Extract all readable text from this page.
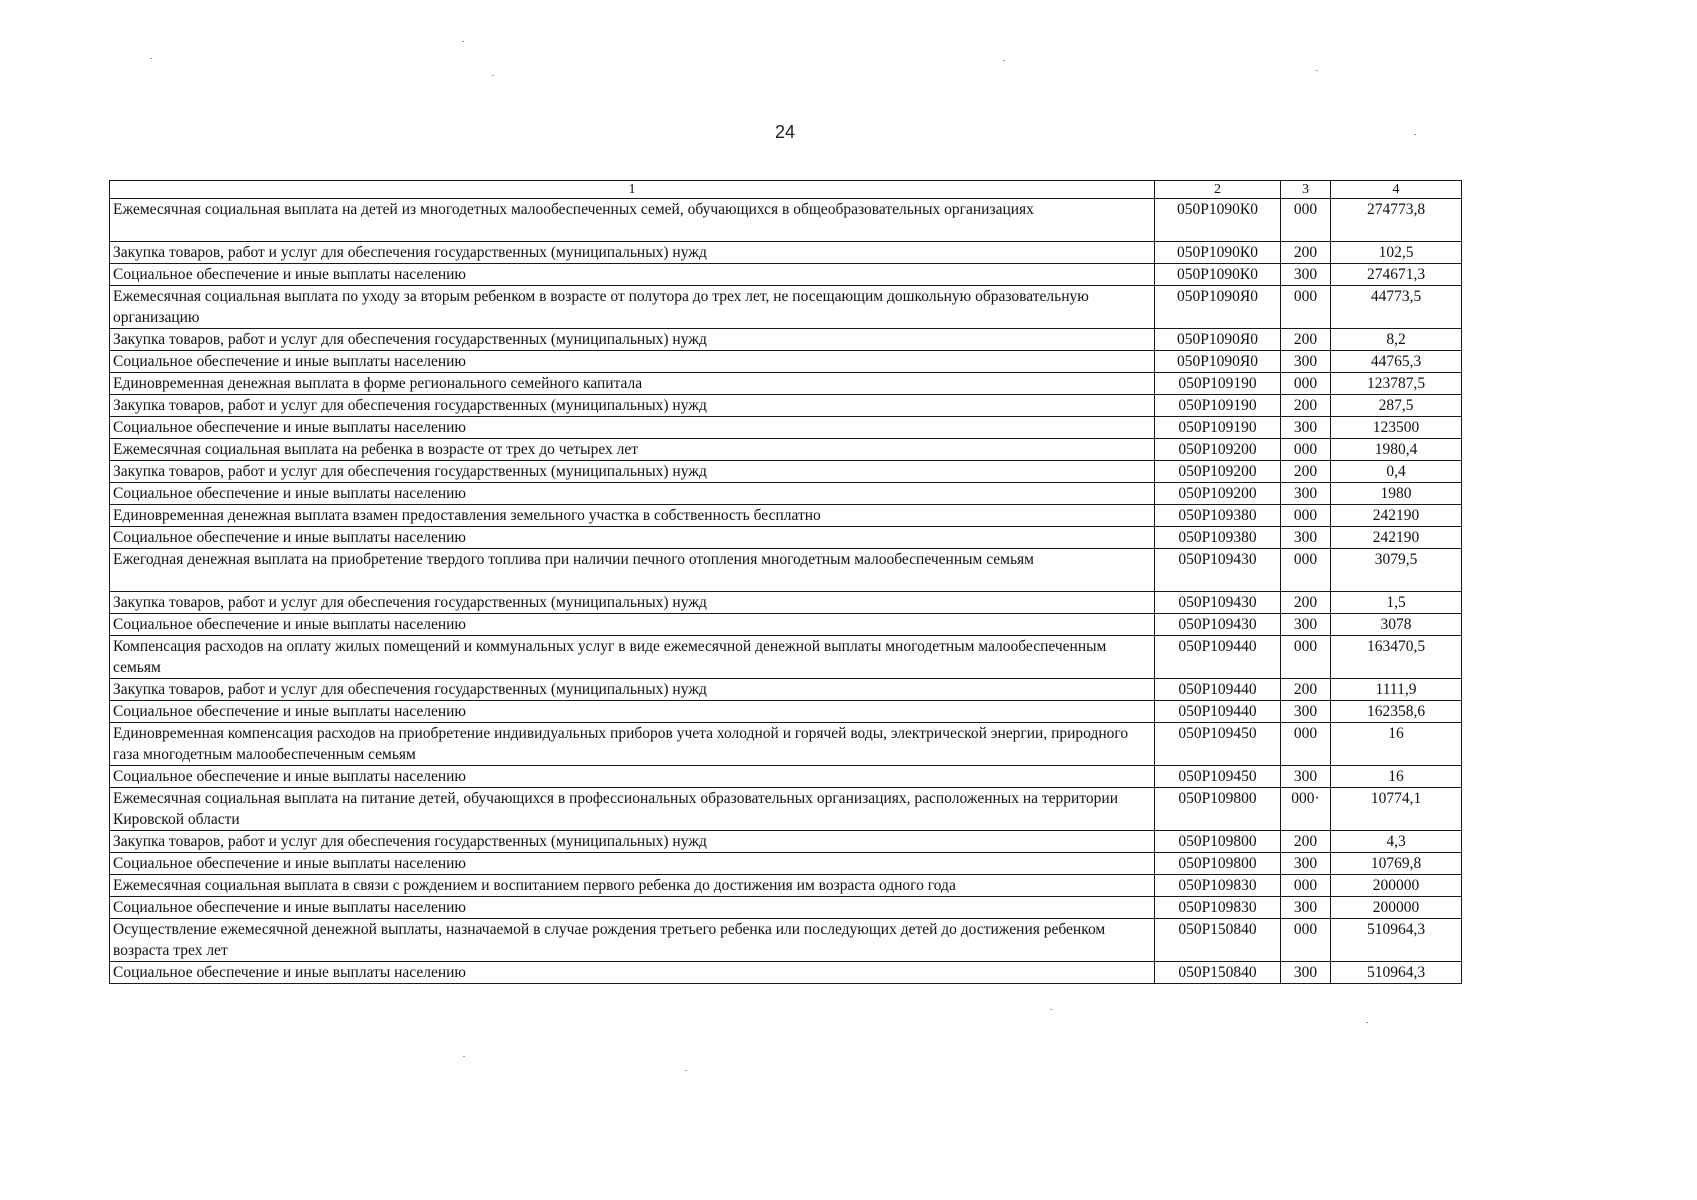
24
1	2	3	4
Ежемесячная социальная выплата на детей из многодетных малообеспеченных семей, обучающихся в общеобразовательных организациях	050Р1090К0	000	274773,8
Закупка товаров, работ и услуг для обеспечения государственных (муниципальных) нужд	050Р1090К0	200	102,5
Социальное обеспечение и иные выплаты населению	050Р1090К0	300	274671,3
Ежемесячная социальная выплата по уходу за вторым ребенком в возрасте от полутора до трех лет, не посещающим дошкольную образовательную организацию	050Р1090Я0	000	44773,5
Закупка товаров, работ и услуг для обеспечения государственных (муниципальных) нужд	050Р1090Я0	200	8,2
Социальное обеспечение и иные выплаты населению	050Р1090Я0	300	44765,3
Единовременная денежная выплата в форме регионального семейного капитала	050Р109190	000	123787,5
Закупка товаров, работ и услуг для обеспечения государственных (муниципальных) нужд	050Р109190	200	287,5
Социальное обеспечение и иные выплаты населению	050Р109190	300	123500
Ежемесячная социальная выплата на ребенка в возрасте от трех до четырех лет	050Р109200	000	1980,4
Закупка товаров, работ и услуг для обеспечения государственных (муниципальных) нужд	050Р109200	200	0,4
Социальное обеспечение и иные выплаты населению	050Р109200	300	1980
Единовременная денежная выплата взамен предоставления земельного участка в собственность бесплатно	050Р109380	000	242190
Социальное обеспечение и иные выплаты населению	050Р109380	300	242190
Ежегодная денежная выплата на приобретение твердого топлива при наличии печного отопления многодетным малообеспеченным семьям	050Р109430	000	3079,5
Закупка товаров, работ и услуг для обеспечения государственных (муниципальных) нужд	050Р109430	200	1,5
Социальное обеспечение и иные выплаты населению	050Р109430	300	3078
Компенсация расходов на оплату жилых помещений и коммунальных услуг в виде ежемесячной денежной выплаты многодетным малообеспеченным семьям	050Р109440	000	163470,5
Закупка товаров, работ и услуг для обеспечения государственных (муниципальных) нужд	050Р109440	200	1111,9
Социальное обеспечение и иные выплаты населению	050Р109440	300	162358,6
Единовременная компенсация расходов на приобретение индивидуальных приборов учета холодной и горячей воды, электрической энергии, природного газа многодетным малообеспеченным семьям	050Р109450	000	16
Социальное обеспечение и иные выплаты населению	050Р109450	300	16
Ежемесячная социальная выплата на питание детей, обучающихся в профессиональных образовательных организациях, расположенных на территории Кировской области	050Р109800	000·	10774,1
Закупка товаров, работ и услуг для обеспечения государственных (муниципальных) нужд	050Р109800	200	4,3
Социальное обеспечение и иные выплаты населению	050Р109800	300	10769,8
Ежемесячная социальная выплата в связи с рождением и воспитанием первого ребенка до достижения им возраста одного года	050Р109830	000	200000
Социальное обеспечение и иные выплаты населению	050Р109830	300	200000
Осуществление ежемесячной денежной выплаты, назначаемой в случае рождения третьего ребенка или последующих детей до достижения ребенком возраста трех лет	050Р150840	000	510964,3
Социальное обеспечение и иные выплаты населению	050Р150840	300	510964,3
